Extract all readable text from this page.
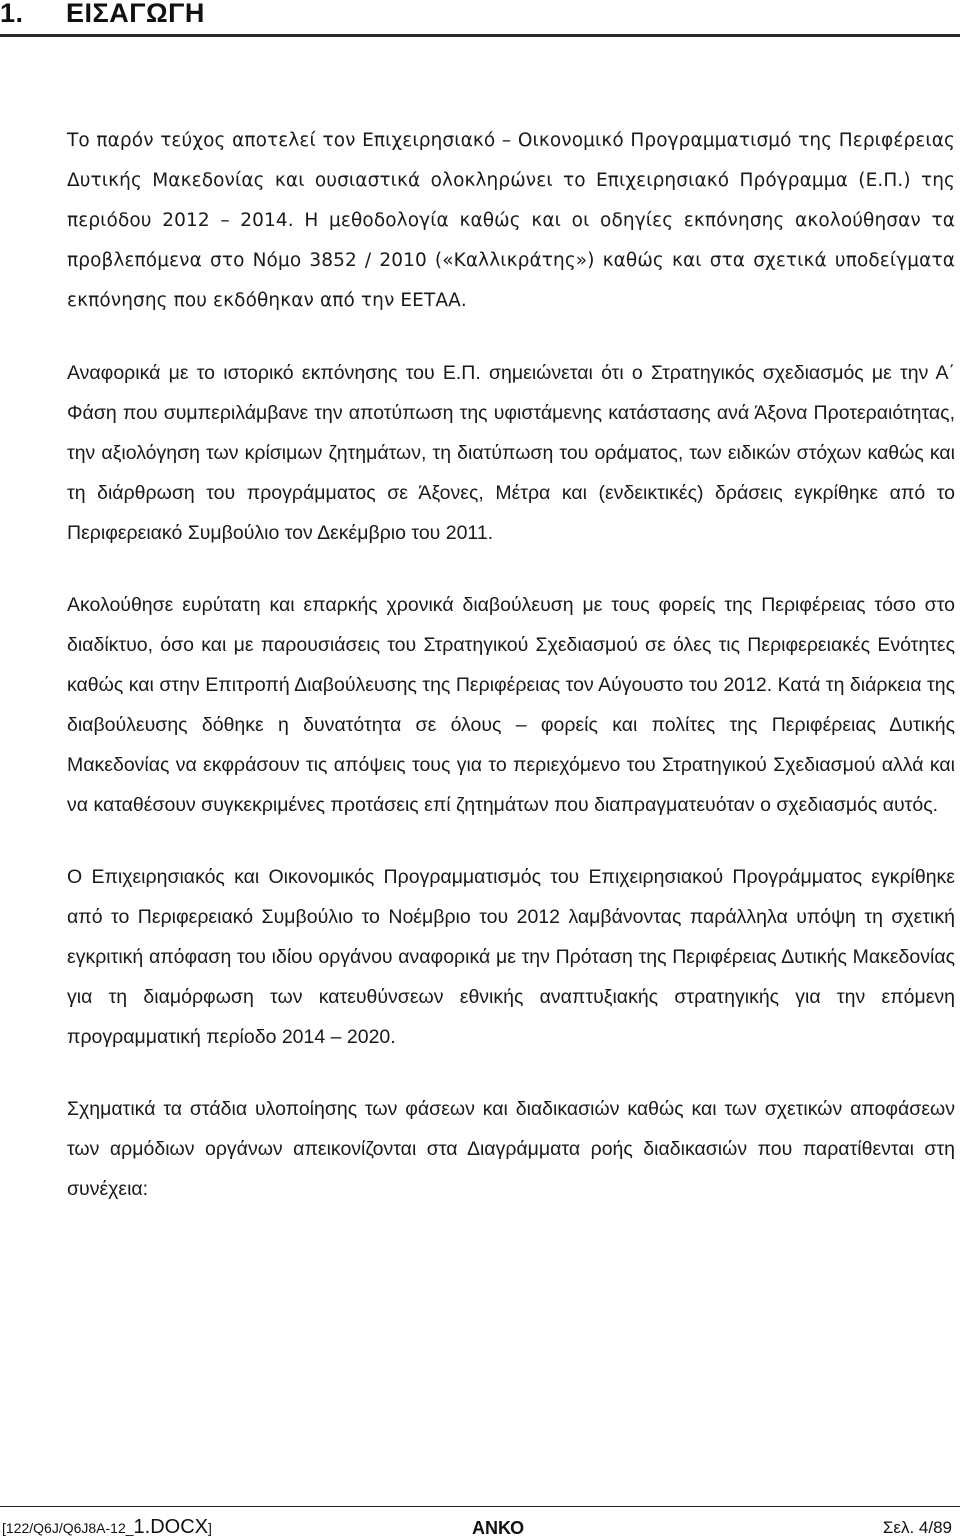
1. ΕΙΣΑΓΩΓΗ

Το παρόν τεύχος αποτελεί τον Επιχειρησιακό – Οικονομικό Προγραμματισμό της Περιφέρειας Δυτικής Μακεδονίας και ουσιαστικά ολοκληρώνει το Επιχειρησιακό Πρόγραμμα (Ε.Π.) της περιόδου 2012 – 2014. Η μεθοδολογία καθώς και οι οδηγίες εκπόνησης ακολούθησαν τα προβλεπόμενα στο Νόμο 3852 / 2010 («Καλλικράτης») καθώς και στα σχετικά υποδείγματα εκπόνησης που εκδόθηκαν από την ΕΕΤΑΑ.

Αναφορικά με το ιστορικό εκπόνησης του Ε.Π. σημειώνεται ότι ο Στρατηγικός σχεδιασμός με την Α΄ Φάση που συμπεριλάμβανε την αποτύπωση της υφιστάμενης κατάστασης ανά Άξονα Προτεραιότητας, την αξιολόγηση των κρίσιμων ζητημάτων, τη διατύπωση του οράματος, των ειδικών στόχων καθώς και τη διάρθρωση του προγράμματος σε Άξονες, Μέτρα και (ενδεικτικές) δράσεις εγκρίθηκε από το Περιφερειακό Συμβούλιο τον Δεκέμβριο του 2011.

Ακολούθησε ευρύτατη και επαρκής χρονικά διαβούλευση με τους φορείς της Περιφέρειας τόσο στο διαδίκτυο, όσο και με παρουσιάσεις του Στρατηγικού Σχεδιασμού σε όλες τις Περιφερειακές Ενότητες καθώς και στην Επιτροπή Διαβούλευσης της Περιφέρειας τον Αύγουστο του 2012. Κατά τη διάρκεια της διαβούλευσης δόθηκε η δυνατότητα σε όλους – φορείς και πολίτες της Περιφέρειας Δυτικής Μακεδονίας να εκφράσουν τις απόψεις τους για το περιεχόμενο του Στρατηγικού Σχεδιασμού αλλά και να καταθέσουν συγκεκριμένες προτάσεις επί ζητημάτων που διαπραγματευόταν ο σχεδιασμός αυτός.

Ο Επιχειρησιακός και Οικονομικός Προγραμματισμός του Επιχειρησιακού Προγράμματος εγκρίθηκε από το Περιφερειακό Συμβούλιο το Νοέμβριο του 2012 λαμβάνοντας παράλληλα υπόψη τη σχετική εγκριτική απόφαση του ιδίου οργάνου αναφορικά με την Πρόταση της Περιφέρειας Δυτικής Μακεδονίας για τη διαμόρφωση των κατευθύνσεων εθνικής αναπτυξιακής στρατηγικής για την επόμενη προγραμματική περίοδο 2014 – 2020.

Σχηματικά τα στάδια υλοποίησης των φάσεων και διαδικασιών καθώς και των σχετικών αποφάσεων των αρμόδιων οργάνων απεικονίζονται στα Διαγράμματα ροής διαδικασιών που παρατίθενται στη συνέχεια:

[122/Q6J/Q6J8A-12_1.DOCX]	ΑΝΚΟ	Σελ. 4/89
